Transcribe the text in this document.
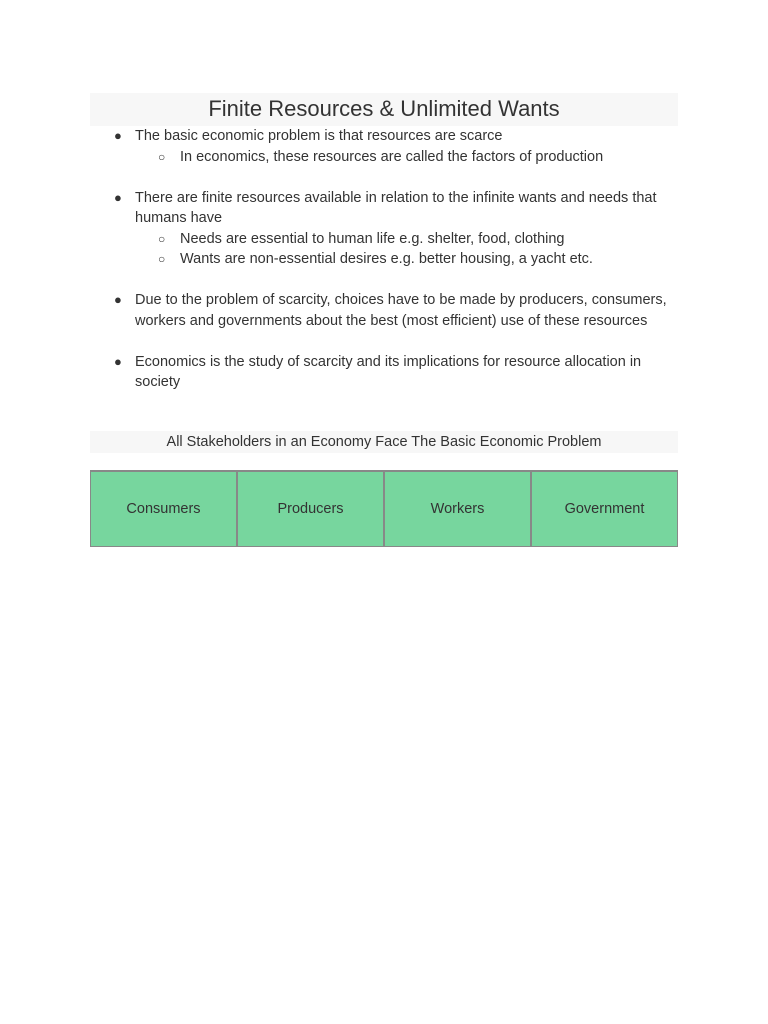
Finite Resources & Unlimited Wants
● The basic economic problem is that resources are scarce
○ In economics, these resources are called the factors of production
● There are finite resources available in relation to the infinite wants and needs that humans have
○ Needs are essential to human life e.g. shelter, food, clothing
○ Wants are non-essential desires e.g. better housing, a yacht etc.
● Due to the problem of scarcity, choices have to be made by producers, consumers, workers and governments about the best (most efficient) use of these resources
● Economics is the study of scarcity and its implications for resource allocation in society
All Stakeholders in an Economy Face The Basic Economic Problem
Consumers	Producers	Workers	Government
